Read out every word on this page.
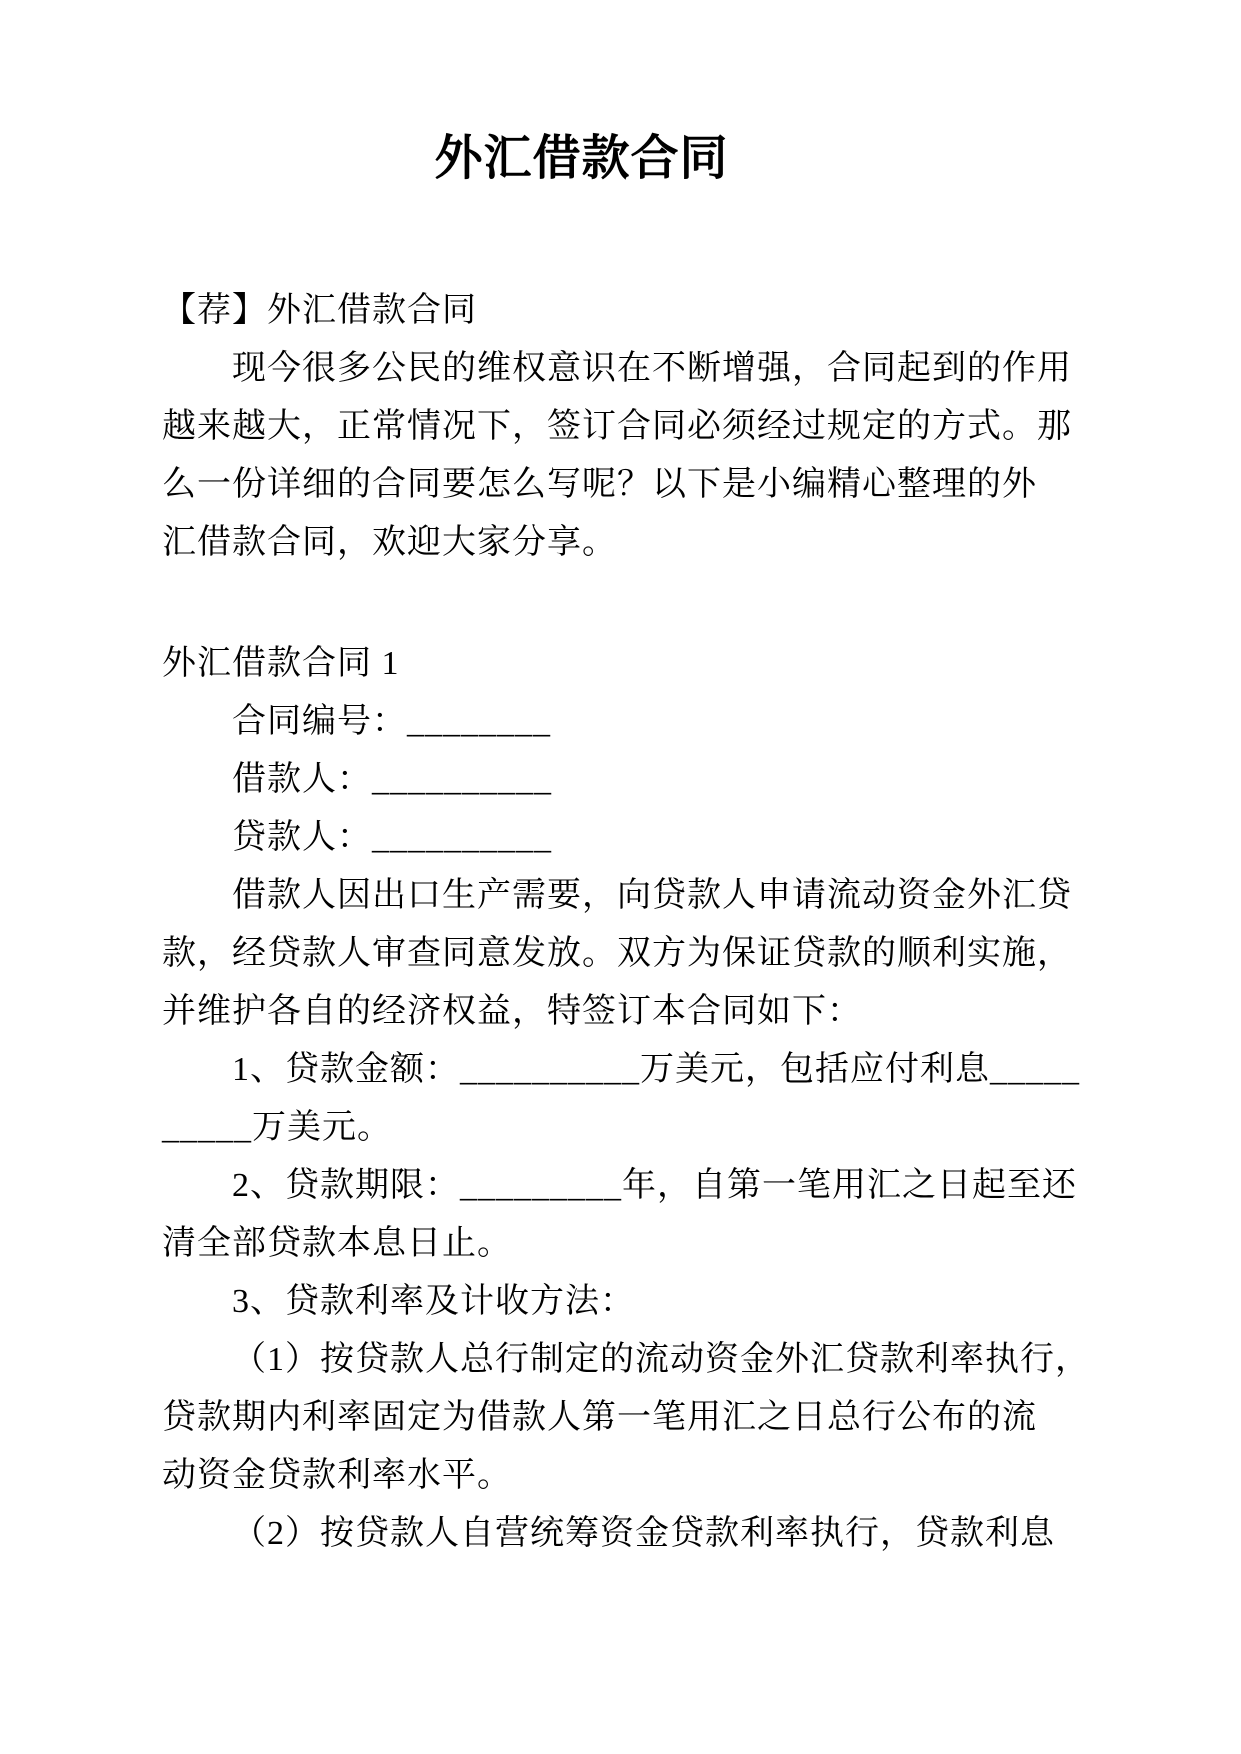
外汇借款合同
【荐】外汇借款合同
现今很多公民的维权意识在不断增强，合同起到的作用
越来越大，正常情况下，签订合同必须经过规定的方式。那
么一份详细的合同要怎么写呢？以下是小编精心整理的外
汇借款合同，欢迎大家分享。
外汇借款合同 1
合同编号：________
借款人：__________
贷款人：__________
借款人因出口生产需要，向贷款人申请流动资金外汇贷
款，经贷款人审查同意发放。双方为保证贷款的顺利实施，
并维护各自的经济权益，特签订本合同如下：
1、贷款金额：__________万美元，包括应付利息_____
_____万美元。
2、贷款期限：_________年，自第一笔用汇之日起至还
清全部贷款本息日止。
3、贷款利率及计收方法：
（1）按贷款人总行制定的流动资金外汇贷款利率执行，
贷款期内利率固定为借款人第一笔用汇之日总行公布的流
动资金贷款利率水平。
（2）按贷款人自营统筹资金贷款利率执行，贷款利息
